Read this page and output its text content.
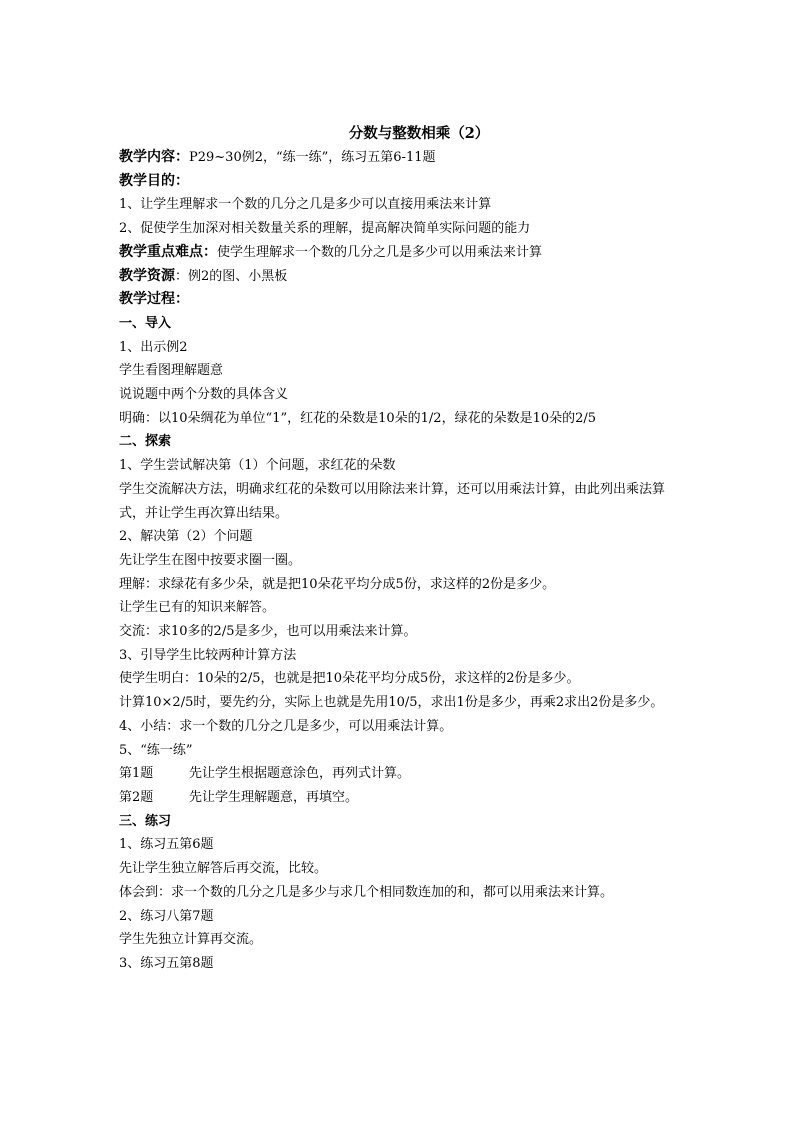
分数与整数相乘（2）

教学内容：P29~30例2，“练一练”，练习五第6-11题

教学目的：

1、让学生理解求一个数的几分之几是多少可以直接用乘法来计算

2、促使学生加深对相关数量关系的理解，提高解决简单实际问题的能力

教学重点难点：使学生理解求一个数的几分之几是多少可以用乘法来计算

教学资源：例2的图、小黑板

教学过程：

一、导入

1、出示例2

学生看图理解题意

说说题中两个分数的具体含义

明确：以10朵绸花为单位“1”，红花的朵数是10朵的1/2，绿花的朵数是10朵的2/5

二、探索

1、学生尝试解决第（1）个问题，求红花的朵数

学生交流解决方法，明确求红花的朵数可以用除法来计算，还可以用乘法计算，由此列出乘法算式，并让学生再次算出结果。

2、解决第（2）个问题

先让学生在图中按要求圈一圈。

理解：求绿花有多少朵，就是把10朵花平均分成5份，求这样的2份是多少。

让学生已有的知识来解答。

交流：求10多的2/5是多少，也可以用乘法来计算。

3、引导学生比较两种计算方法

使学生明白：10朵的2/5，也就是把10朵花平均分成5份，求这样的2份是多少。

计算10×2/5时，要先约分，实际上也就是先用10/5，求出1份是多少，再乘2求出2份是多少。

4、小结：求一个数的几分之几是多少，可以用乘法计算。

5、“练一练”

第1题	先让学生根据题意涂色，再列式计算。

第2题	先让学生理解题意，再填空。

三、练习

1、练习五第6题

先让学生独立解答后再交流，比较。

体会到：求一个数的几分之几是多少与求几个相同数连加的和，都可以用乘法来计算。

2、练习八第7题

学生先独立计算再交流。

3、练习五第8题
